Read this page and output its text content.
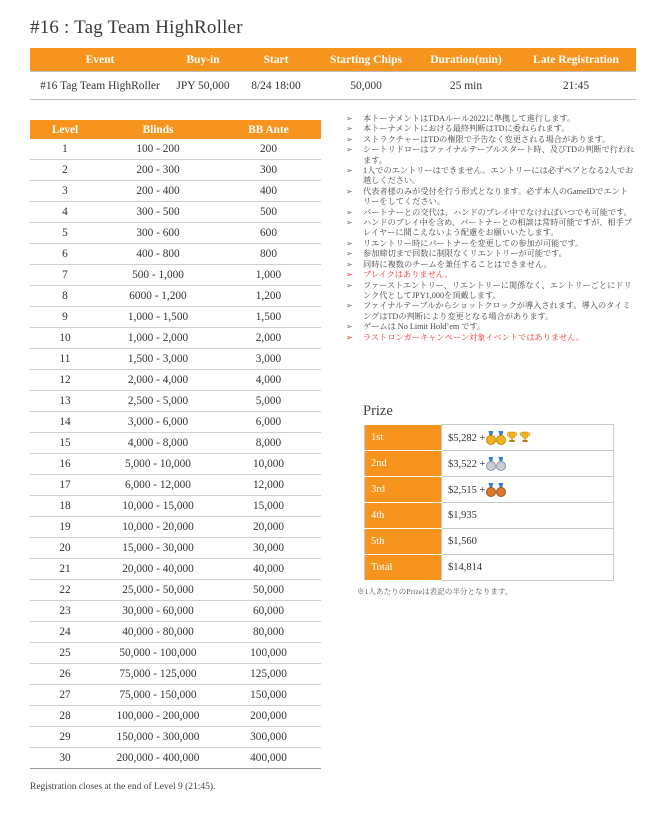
#16 : Tag Team HighRoller
Event	Buy-in	Start	Starting Chips	Duration(min)	Late Registration
#16 Tag Team HighRoller	JPY 50,000	8/24 18:00	50,000	25 min	21:45
Level	Blinds	BB Ante
1	100 - 200	200
2	200 - 300	300
3	200 - 400	400
4	300 - 500	500
5	300 - 600	600
6	400 - 800	800
7	500 - 1,000	1,000
8	6000 - 1,200	1,200
9	1,000 - 1,500	1,500
10	1,000 - 2,000	2,000
11	1,500 - 3,000	3,000
12	2,000 - 4,000	4,000
13	2,500 - 5,000	5,000
14	3,000 - 6,000	6,000
15	4,000 - 8,000	8,000
16	5,000 - 10,000	10,000
17	6,000 - 12,000	12,000
18	10,000 - 15,000	15,000
19	10,000 - 20,000	20,000
20	15,000 - 30,000	30,000
21	20,000 - 40,000	40,000
22	25,000 - 50,000	50,000
23	30,000 - 60,000	60,000
24	40,000 - 80,000	80,000
25	50,000 - 100,000	100,000
26	75,000 - 125,000	125,000
27	75,000 - 150,000	150,000
28	100,000 - 200,000	200,000
29	150,000 - 300,000	300,000
30	200,000 - 400,000	400,000
Registration closes at the end of Level 9 (21:45).
➢ 本トーナメントはTDAルール2022に準拠して進行します。
➢ 本トーナメントにおける最終判断はTDに委ねられます。
➢ ストラクチャーはTDの権限で予告なく変更される場合があります。
➢ シートリドローはファイナルテーブルスタート時、及びTDの判断で行われます。
➢ 1人でのエントリーはできません。エントリーには必ずペアとなる2人でお越しください。
➢ 代表者様のみが受付を行う形式となります。必ず本人のGameIDでエントリーをしてください。
➢ パートナーとの交代は、ハンドのプレイ中でなければいつでも可能です。
➢ ハンドのプレイ中を含め、パートナーとの相談は常時可能ですが、相手プレイヤーに聞こえないよう配慮をお願いいたします。
➢ リエントリー時にパートナーを変更しての参加が可能です。
➢ 参加締切まで回数に制限なくリエントリーが可能です。
➢ 同時に複数のチームを兼任することはできません。
➢ ブレイクはありません。
➢ ファーストエントリー、リエントリーに関係なく、エントリーごとにドリンク代としてJPY1,000を頂戴します。
➢ ファイナルテーブルからショットクロックが導入されます。導入のタイミングはTDの判断により変更となる場合があります。
➢ ゲームは No Limit Hold’em です。
➢ ラストロンガーキャンペーン対象イベントではありません。
Prize
1st	$5,282 +

2nd	$3,522 +

3rd	$2,515 +

4th	$1,935
5th	$1,560
Total	$14,814
※1人あたりのPrizeは表記の半分となります。
